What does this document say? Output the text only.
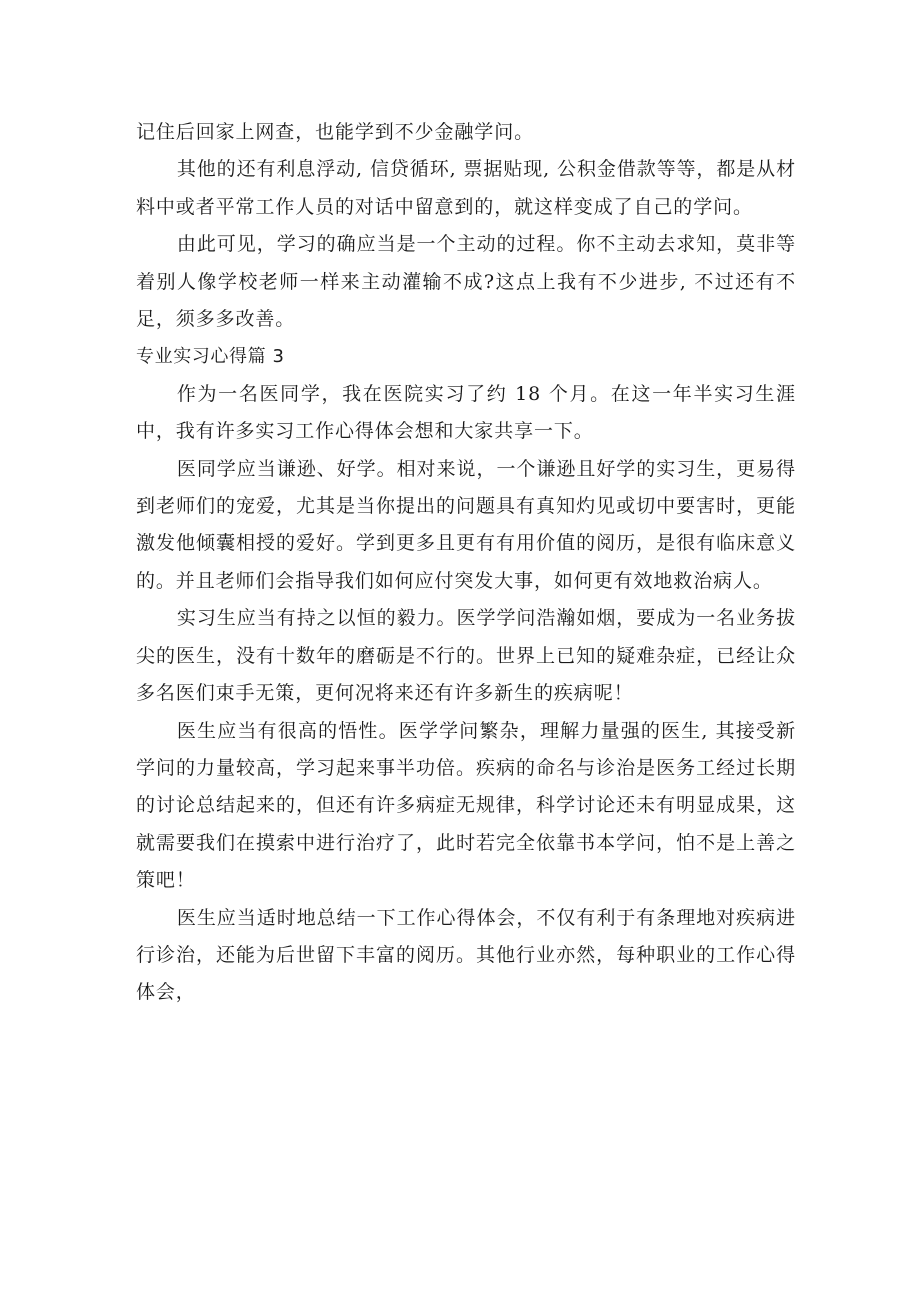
记住后回家上网查，也能学到不少金融学问。

其他的还有利息浮动, 信贷循环, 票据贴现, 公积金借款等等，都是从材料中或者平常工作人员的对话中留意到的，就这样变成了自己的学问。

由此可见，学习的确应当是一个主动的过程。你不主动去求知，莫非等着别人像学校老师一样来主动灌输不成?这点上我有不少进步, 不过还有不足，须多多改善。

专业实习心得篇 3

作为一名医同学，我在医院实习了约 18 个月。在这一年半实习生涯中，我有许多实习工作心得体会想和大家共享一下。

医同学应当谦逊、好学。相对来说，一个谦逊且好学的实习生，更易得到老师们的宠爱，尤其是当你提出的问题具有真知灼见或切中要害时，更能激发他倾囊相授的爱好。学到更多且更有有用价值的阅历，是很有临床意义的。并且老师们会指导我们如何应付突发大事，如何更有效地救治病人。

实习生应当有持之以恒的毅力。医学学问浩瀚如烟，要成为一名业务拔尖的医生，没有十数年的磨砺是不行的。世界上已知的疑难杂症，已经让众多名医们束手无策，更何况将来还有许多新生的疾病呢！

医生应当有很高的悟性。医学学问繁杂，理解力量强的医生, 其接受新学问的力量较高，学习起来事半功倍。疾病的命名与诊治是医务工经过长期的讨论总结起来的，但还有许多病症无规律，科学讨论还未有明显成果，这就需要我们在摸索中进行治疗了，此时若完全依靠书本学问，怕不是上善之策吧！

医生应当适时地总结一下工作心得体会，不仅有利于有条理地对疾病进行诊治，还能为后世留下丰富的阅历。其他行业亦然，每种职业的工作心得体会，
